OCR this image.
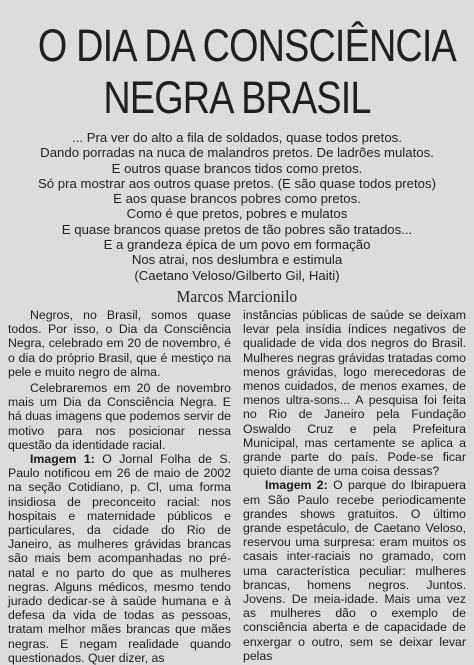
O DIA DA CONSCIÊNCIA
NEGRA BRASIL
... Pra ver do alto a fila de soldados, quase todos pretos.
Dando porradas na nuca de malandros pretos. De ladrões mulatos.
E outros quase brancos tidos como pretos.
Só pra mostrar aos outros quase pretos. (E são quase todos pretos)
E aos quase brancos pobres como pretos.
Como é que pretos, pobres e mulatos
E quase brancos quase pretos de tão pobres são tratados...
E a grandeza épica de um povo em formação
Nos atrai, nos deslumbra e estimula
(Caetano Veloso/Gilberto Gil, Haiti)
Marcos Marcionilo

Negros, no Brasil, somos quase todos. Por isso, o Dia da Consciência Negra, celebrado em 20 de novembro, é o dia do próprio Brasil, que é mestiço na pele e muito negro de alma.

Celebraremos em 20 de novembro mais um Dia da Consciência Negra. E há duas imagens que podemos servir de motivo para nos posicionar nessa questão da identidade racial.

Imagem 1: O Jornal Folha de S. Paulo notificou em 26 de maio de 2002 na seção Cotidiano, p. Cl, uma forma insidiosa de preconceito racial: nos hospitais e maternidade públicos e particulares, da cidade do Rio de Janeiro, as mulheres grávidas brancas são mais bem acompanhadas no pré-natal e no parto do que as mulheres negras. Alguns médicos, mesmo tendo jurado dedicar-se à saúde humana e à defesa da vida de todas as pessoas, tratam melhor mães brancas que mães negras. E negam realidade quando questionados. Quer dizer, as

instâncias públicas de saúde se deixam levar pela insídia índices negativos de qualidade de vida dos negros do Brasil. Mulheres negras grávidas tratadas como menos grávidas, logo merecedoras de menos cuidados, de menos exames, de menos ultra-sons... A pesquisa foi feita no Rio de Janeiro pela Fundação Oswaldo Cruz e pela Prefeitura Municipal, mas certamente se aplica a grande parte do país. Pode-se ficar quieto diante de uma coisa dessas?

Imagem 2: O parque do Ibirapuera em São Paulo recebe periodicamente grandes shows gratuitos. O último grande espetáculo, de Caetano Veloso, reservou uma surpresa: eram muitos os casais inter-raciais no gramado, com uma característica peculiar: mulheres brancas, homens negros. Juntos. Jovens. De meia-idade. Mais uma vez as mulheres dão o exemplo de consciência aberta e de capacidade de enxergar o outro, sem se deixar levar pelas
